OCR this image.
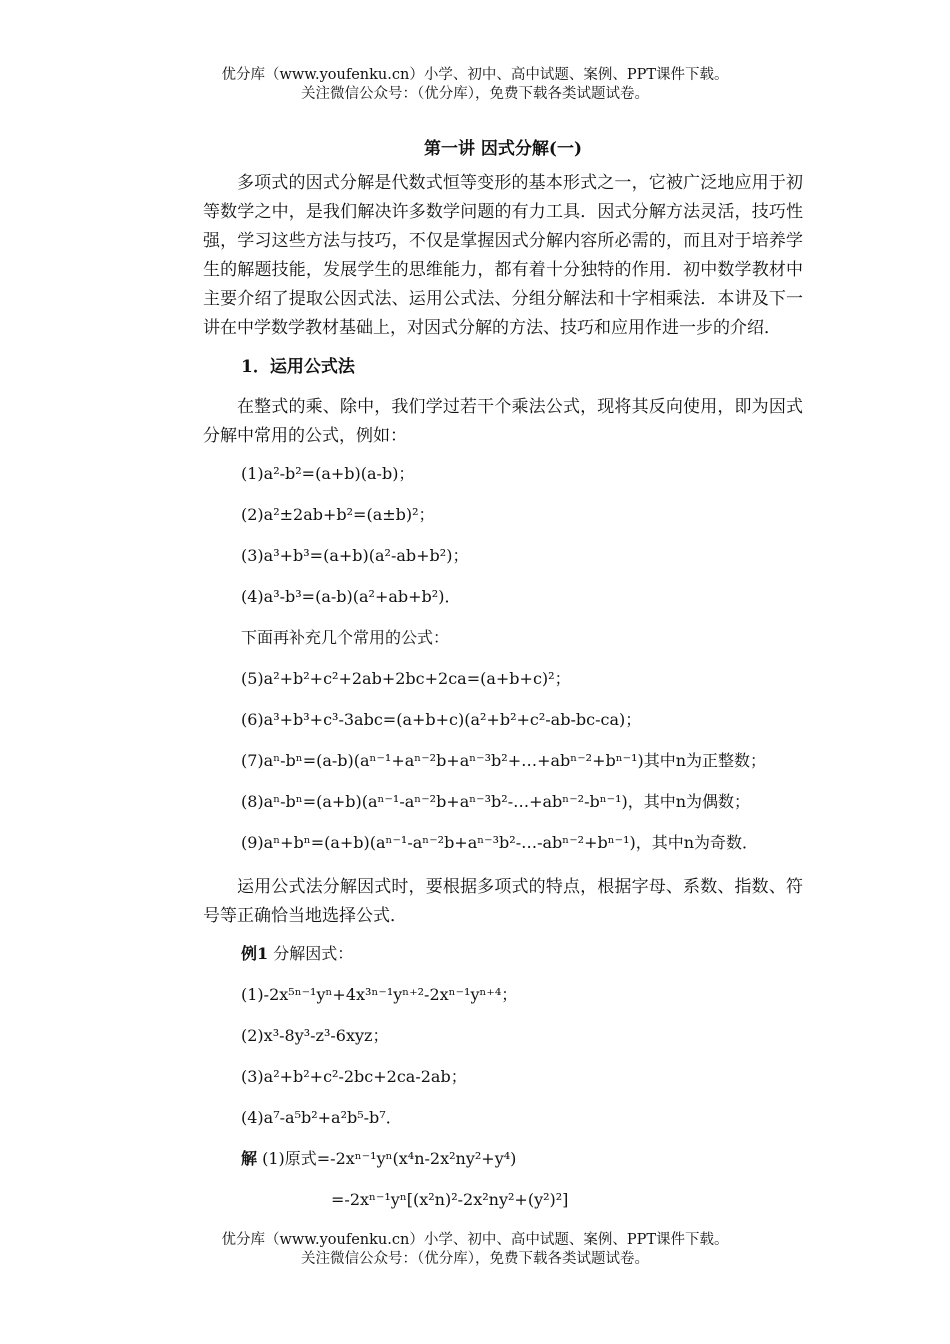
优分库（www.youfenku.cn）小学、初中、高中试题、案例、PPT课件下载。
关注微信公众号：（优分库），免费下载各类试题试卷。
第一讲 因式分解(一)

多项式的因式分解是代数式恒等变形的基本形式之一，它被广泛地应用于初等数学之中，是我们解决许多数学问题的有力工具．因式分解方法灵活，技巧性强，学习这些方法与技巧，不仅是掌握因式分解内容所必需的，而且对于培养学生的解题技能，发展学生的思维能力，都有着十分独特的作用．初中数学教材中主要介绍了提取公因式法、运用公式法、分组分解法和十字相乘法．本讲及下一讲在中学数学教材基础上，对因式分解的方法、技巧和应用作进一步的介绍．

1．运用公式法

在整式的乘、除中，我们学过若干个乘法公式，现将其反向使用，即为因式分解中常用的公式，例如：

(1)a²-b²=(a+b)(a-b)；
(2)a²±2ab+b²=(a±b)²；
(3)a³+b³=(a+b)(a²-ab+b²)；
(4)a³-b³=(a-b)(a²+ab+b²)．
下面再补充几个常用的公式：
(5)a²+b²+c²+2ab+2bc+2ca=(a+b+c)²；
(6)a³+b³+c³-3abc=(a+b+c)(a²+b²+c²-ab-bc-ca)；
(7)aⁿ-bⁿ=(a-b)(aⁿ⁻¹+aⁿ⁻²b+aⁿ⁻³b²+…+abⁿ⁻²+bⁿ⁻¹)其中n为正整数；
(8)aⁿ-bⁿ=(a+b)(aⁿ⁻¹-aⁿ⁻²b+aⁿ⁻³b²-…+abⁿ⁻²-bⁿ⁻¹)，其中n为偶数；
(9)aⁿ+bⁿ=(a+b)(aⁿ⁻¹-aⁿ⁻²b+aⁿ⁻³b²-…-abⁿ⁻²+bⁿ⁻¹)，其中n为奇数．

运用公式法分解因式时，要根据多项式的特点，根据字母、系数、指数、符号等正确恰当地选择公式．

例1 分解因式：
(1)-2x⁵ⁿ⁻¹yⁿ+4x³ⁿ⁻¹yⁿ⁺²-2xⁿ⁻¹yⁿ⁺⁴；
(2)x³-8y³-z³-6xyz；
(3)a²+b²+c²-2bc+2ca-2ab；
(4)a⁷-a⁵b²+a²b⁵-b⁷．
解 (1)原式=-2xⁿ⁻¹yⁿ(x⁴n-2x²ny²+y⁴)
=-2xⁿ⁻¹yⁿ[(x²n)²-2x²ny²+(y²)²]
优分库（www.youfenku.cn）小学、初中、高中试题、案例、PPT课件下载。
关注微信公众号：（优分库），免费下载各类试题试卷。
